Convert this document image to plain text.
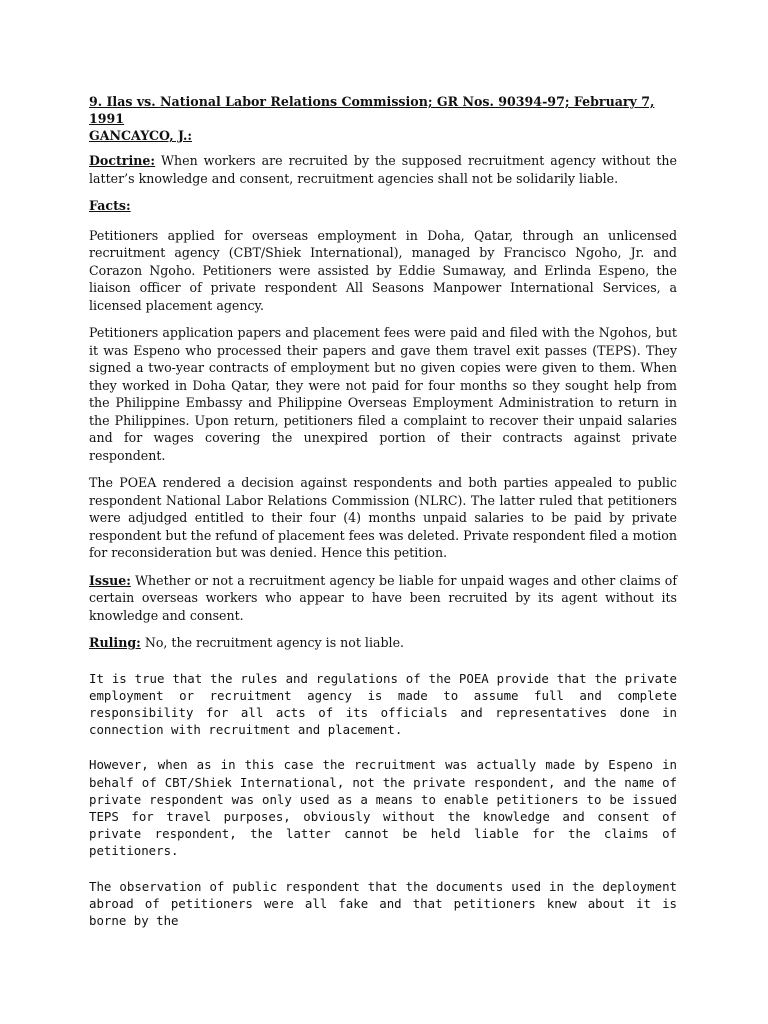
9. Ilas vs. National Labor Relations Commission; GR Nos. 90394-97; February 7,
1991
GANCAYCO, J.:

Doctrine: When workers are recruited by the supposed recruitment agency without the latter’s knowledge and consent, recruitment agencies shall not be solidarily liable.

Facts:

Petitioners applied for overseas employment in Doha, Qatar, through an unlicensed recruitment agency (CBT/Shiek International), managed by Francisco Ngoho, Jr. and Corazon Ngoho. Petitioners were assisted by Eddie Sumaway, and Erlinda Espeno, the liaison officer of private respondent All Seasons Manpower International Services, a licensed placement agency.

Petitioners application papers and placement fees were paid and filed with the Ngohos, but it was Espeno who processed their papers and gave them travel exit passes (TEPS). They signed a two-year contracts of employment but no given copies were given to them. When they worked in Doha Qatar, they were not paid for four months so they sought help from the Philippine Embassy and Philippine Overseas Employment Administration to return in the Philippines. Upon return, petitioners filed a complaint to recover their unpaid salaries and for wages covering the unexpired portion of their contracts against private respondent.

The POEA rendered a decision against respondents and both parties appealed to public respondent National Labor Relations Commission (NLRC). The latter ruled that petitioners were adjudged entitled to their four (4) months unpaid salaries to be paid by private respondent but the refund of placement fees was deleted. Private respondent filed a motion for reconsideration but was denied. Hence this petition.

Issue: Whether or not a recruitment agency be liable for unpaid wages and other claims of certain overseas workers who appear to have been recruited by its agent without its knowledge and consent.

Ruling: No, the recruitment agency is not liable.

It is true that the rules and regulations of the POEA provide that the private employment or recruitment agency is made to assume full and complete responsibility for all acts of its officials and representatives done in connection with recruitment and placement.

However, when as in this case the recruitment was actually made by Espeno in behalf of CBT/Shiek International, not the private respondent, and the name of private respondent was only used as a means to enable petitioners to be issued TEPS for travel purposes, obviously without the knowledge and consent of private respondent, the latter cannot be held liable for the claims of petitioners.

The observation of public respondent that the documents used in the deployment abroad of petitioners were all fake and that petitioners knew about it is borne by the
